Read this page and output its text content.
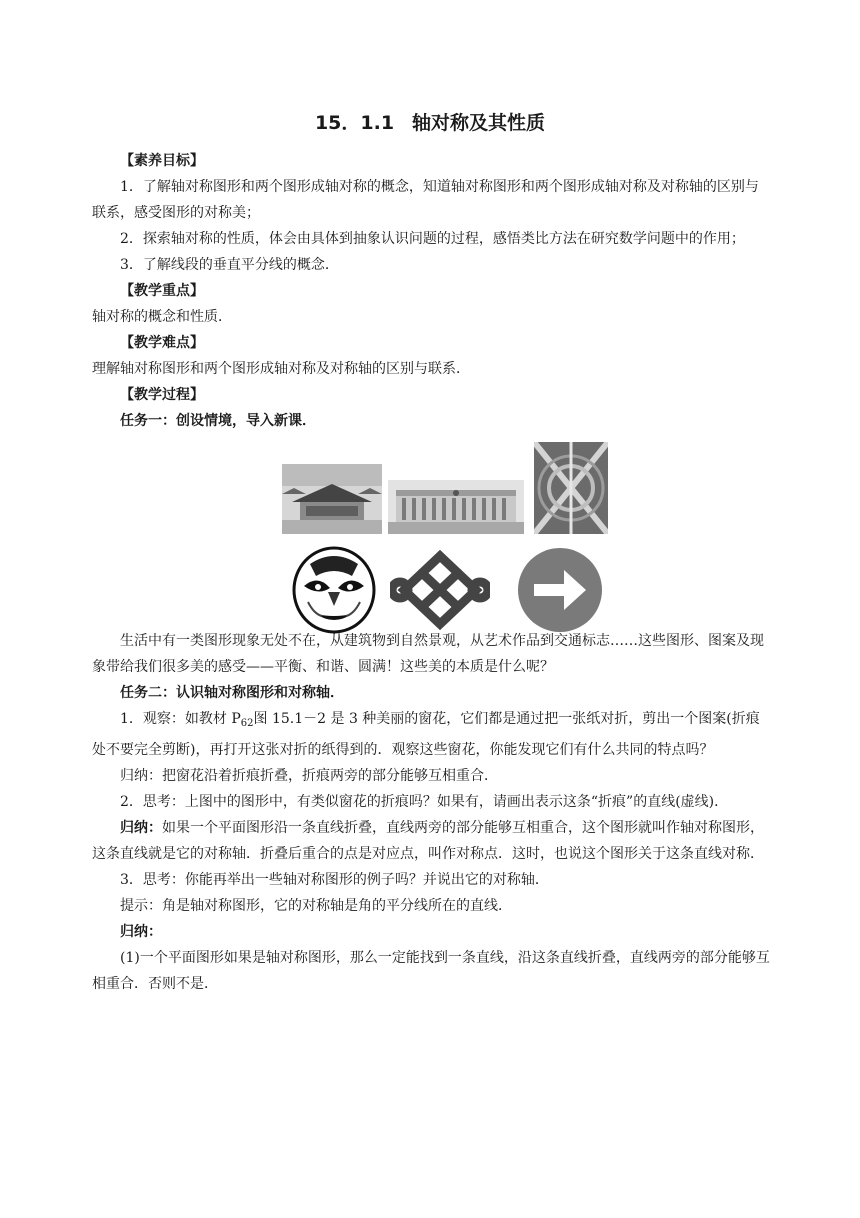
15．1.1 轴对称及其性质

【素养目标】

1．了解轴对称图形和两个图形成轴对称的概念，知道轴对称图形和两个图形成轴对称及对称轴的区别与联系，感受图形的对称美；

2．探索轴对称的性质，体会由具体到抽象认识问题的过程，感悟类比方法在研究数学问题中的作用；

3．了解线段的垂直平分线的概念．

【教学重点】

轴对称的概念和性质．

【教学难点】

理解轴对称图形和两个图形成轴对称及对称轴的区别与联系．

【教学过程】

任务一：创设情境，导入新课．

生活中有一类图形现象无处不在，从建筑物到自然景观，从艺术作品到交通标志……这些图形、图案及现象带给我们很多美的感受——平衡、和谐、圆满！这些美的本质是什么呢？

任务二：认识轴对称图形和对称轴．

1．观察：如教材 $P_{62}$图 15.1－2 是 3 种美丽的窗花，它们都是通过把一张纸对折，剪出一个图案(折痕处不要完全剪断)，再打开这张对折的纸得到的．观察这些窗花，你能发现它们有什么共同的特点吗？

归纳：把窗花沿着折痕折叠，折痕两旁的部分能够互相重合．

2．思考：上图中的图形中，有类似窗花的折痕吗？如果有，请画出表示这条“折痕”的直线(虚线)．

归纳：如果一个平面图形沿一条直线折叠，直线两旁的部分能够互相重合，这个图形就叫作轴对称图形，这条直线就是它的对称轴．折叠后重合的点是对应点，叫作对称点．这时，也说这个图形关于这条直线对称．

3．思考：你能再举出一些轴对称图形的例子吗？并说出它的对称轴．

提示：角是轴对称图形，它的对称轴是角的平分线所在的直线．

归纳：

(1)一个平面图形如果是轴对称图形，那么一定能找到一条直线，沿这条直线折叠，直线两旁的部分能够互相重合．否则不是．
